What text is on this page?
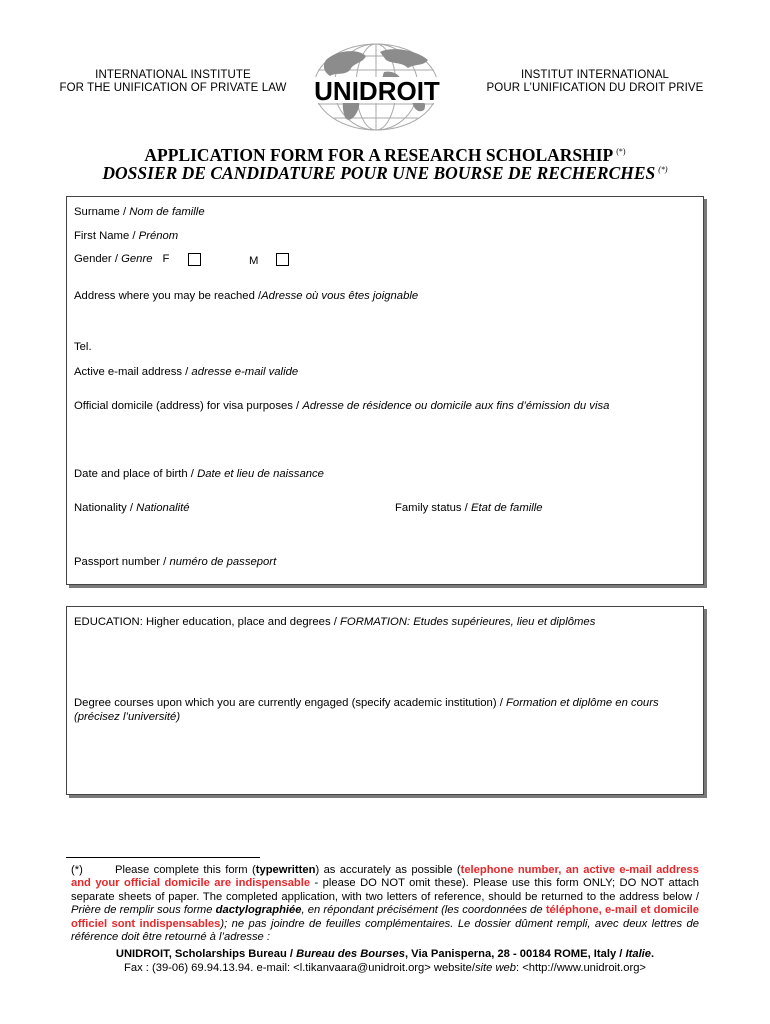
INTERNATIONAL INSTITUTE
FOR THE UNIFICATION OF PRIVATE LAW
INSTITUT INTERNATIONAL
POUR L’UNIFICATION DU DROIT PRIVE
UNIDROIT
APPLICATION FORM FOR A RESEARCH SCHOLARSHIP (*)
DOSSIER DE CANDIDATURE POUR UNE BOURSE DE RECHERCHES (*)
Surname / Nom de famille
First Name / Prénom
Gender / Genre F	M
Address where you may be reached /Adresse où vous êtes joignable
Tel.
Active e-mail address / adresse e-mail valide
Official domicile (address) for visa purposes / Adresse de résidence ou domicile aux fins d’émission du visa
Date and place of birth / Date et lieu de naissance
Nationality / Nationalité	Family status / Etat de famille
Passport number / numéro de passeport
EDUCATION: Higher education, place and degrees / FORMATION: Etudes supérieures, lieu et diplômes
Degree courses upon which you are currently engaged (specify academic institution) / Formation et diplôme en cours
(précisez l’université)
(*)	Please complete this form (typewritten) as accurately as possible (telephone number, an active e-mail address and your official domicile are indispensable - please DO NOT omit these). Please use this form ONLY; DO NOT attach separate sheets of paper. The completed application, with two letters of reference, should be returned to the address below / Prière de remplir sous forme dactylographiée, en répondant précisément (les coordonnées de téléphone, e-mail et domicile officiel sont indispensables); ne pas joindre de feuilles complémentaires. Le dossier dûment rempli, avec deux lettres de référence doit être retourné à l’adresse :
UNIDROIT, Scholarships Bureau / Bureau des Bourses, Via Panisperna, 28 - 00184 ROME, Italy / Italie.
Fax : (39-06) 69.94.13.94. e-mail: <l.tikanvaara@unidroit.org> website/site web: <http://www.unidroit.org>
